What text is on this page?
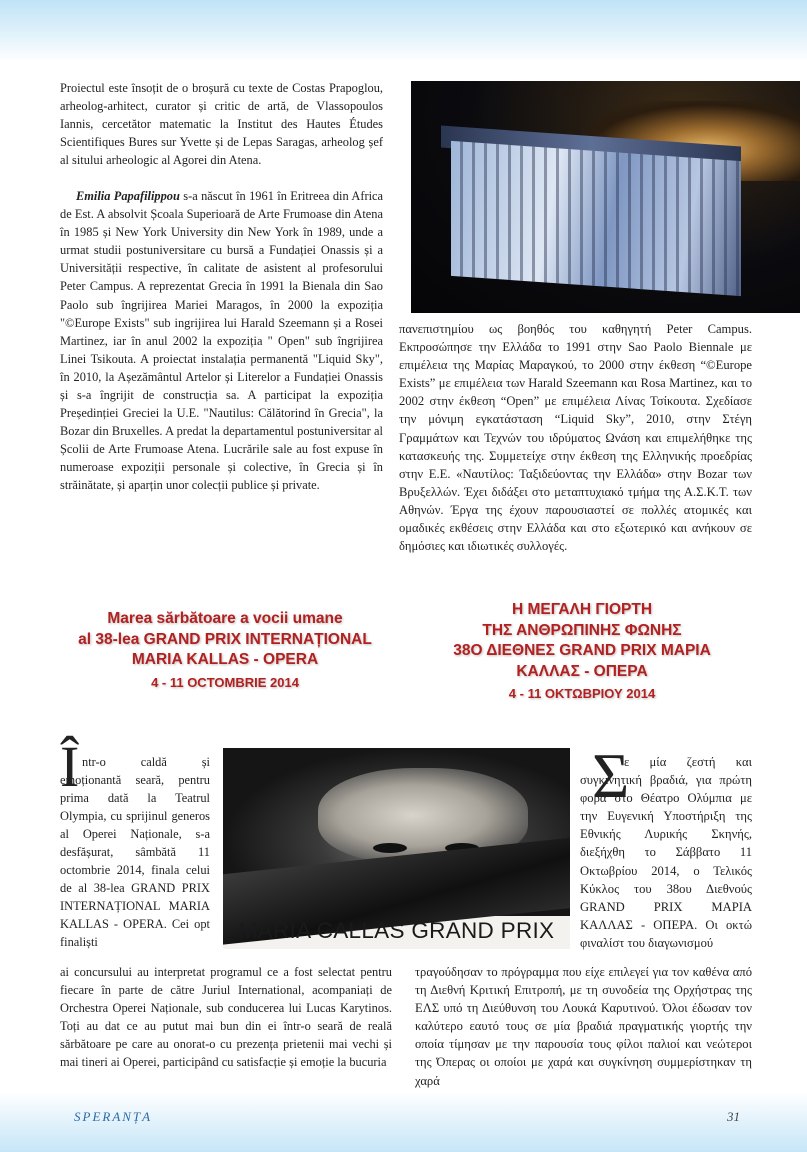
Proiectul este însoțit de o broșură cu texte de Costas Prapoglou, arheolog-arhitect, curator și critic de artă, de Vlassopoulos Iannis, cercetător matematic la Institut des Hautes Études Scientifiques Bures sur Yvette și de Lepas Saragas, arheolog șef al sitului arheologic al Agorei din Atena.

Emilia Papafilippou s-a născut în 1961 în Eritreea din Africa de Est. A absolvit Școala Superioară de Arte Frumoase din Atena în 1985 și New York University din New York în 1989, unde a urmat studii postuniversitare cu bursă a Fundației Onassis și a Universității respective, în calitate de asistent al profesorului Peter Campus. A reprezentat Grecia în 1991 la Bienala din Sao Paolo sub îngrijirea Mariei Maragos, în 2000 la expoziția "©Europe Exists" sub ingrijirea lui Harald Szeemann și a Rosei Martinez, iar în anul 2002 la expoziția " Open" sub îngrijirea Linei Tsikouta. A proiectat instalația permanentă "Liquid Sky", în 2010, la Așezământul Artelor și Literelor a Fundației Onassis și s-a îngrijit de construcția sa. A participat la expoziția Președinției Greciei la U.E. "Nautilus: Călătorind în Grecia", la Bozar din Bruxelles. A predat la departamentul postuniversitar al Școlii de Arte Frumoase Atena. Lucrările sale au fost expuse în numeroase expoziții personale și colective, în Grecia și în străinătate, și aparțin unor colecții publice și private.

πανεπιστημίου ως βοηθός του καθηγητή Peter Campus. Εκπροσώπησε την Ελλάδα το 1991 στην Sao Paolo Biennale με επιμέλεια της Μαρίας Μαραγκού, το 2000 στην έκθεση “©Europe Exists” με επιμέλεια των Harald Szeemann και Rosa Martinez, και το 2002 στην έκθεση “Open” με επιμέλεια Λίνας Τσίκουτα. Σχεδίασε την μόνιμη εγκατάσταση “Liquid Sky”, 2010, στην Στέγη Γραμμάτων και Τεχνών του ιδρύματος Ωνάση και επιμελήθηκε της κατασκευής της. Συμμετείχε στην έκθεση της Ελληνικής προεδρίας στην Ε.Ε. «Ναυτίλος: Ταξιδεύοντας την Ελλάδα» στην Bozar των Βρυξελλών. Έχει διδάξει στο μεταπτυχιακό τμήμα της Α.Σ.Κ.Τ. των Αθηνών. Έργα της έχουν παρουσιαστεί σε πολλές ατομικές και ομαδικές εκθέσεις στην Ελλάδα και στο εξωτερικό και ανήκουν σε δημόσιες και ιδιωτικές συλλογές.
Marea sărbătoare a vocii umane
al 38-lea GRAND PRIX INTERNAȚIONAL
MARIA KALLAS - OPERA
4 - 11 OCTOMBRIE 2014
Η ΜΕΓΑΛΗ ΓΙΟΡΤΗ
ΤΗΣ ΑΝΘΡΩΠΙΝΗΣ ΦΩΝΗΣ
38Ο ΔΙΕΘΝΕΣ GRAND PRIX ΜΑΡΙΑ
ΚΑΛΛΑΣ - ΟΠΕΡΑ
4 - 11 ΟΚΤΩΒΡΙΟΥ 2014
MARIA CALLAS GRAND PRIX
Î ntr-o caldă și emoționantă seară, pentru prima dată la Teatrul Olympia, cu sprijinul generos al Operei Naționale, s-a desfășurat, sâmbătă 11 octombrie 2014, finala celui de al 38-lea GRAND PRIX INTERNAȚIONAL MARIA KALLAS - OPERA. Cei opt finaliști
ai concursului au interpretat programul ce a fost selectat pentru fiecare în parte de către Juriul International, acompaniați de Orchestra Operei Naționale, sub conducerea lui Lucas Karytinos. Toți au dat ce au putut mai bun din ei într-o seară de reală sărbătoare pe care au onorat-o cu prezența prietenii mai vechi și mai tineri ai Operei, participând cu satisfacție și emoție la bucuria
Σ
ε μία ζεστή και συγκινητική βραδιά, για πρώτη φορά στο Θέατρο Ολύμπια με την Ευγενική Υποστήριξη της Εθνικής Λυρικής Σκηνής, διεξήχθη το Σάββατο 11 Οκτωβρίου 2014, ο Τελικός Κύκλος του 38ου Διεθνούς GRAND PRIX ΜΑΡΙΑ ΚΑΛΛΑΣ - ΟΠΕΡΑ. Οι οκτώ φιναλίστ του διαγωνισμού
τραγούδησαν το πρόγραμμα που είχε επιλεγεί για τον καθένα από τη Διεθνή Κριτική Επιτροπή, με τη συνοδεία της Ορχήστρας της ΕΛΣ υπό τη Διεύθυνση του Λουκά Καρυτινού. Όλοι έδωσαν τον καλύτερο εαυτό τους σε μία βραδιά πραγματικής γιορτής την οποία τίμησαν με την παρουσία τους φίλοι παλιοί και νεώτεροι της Όπερας οι οποίοι με χαρά και συγκίνηση συμμερίστηκαν τη χαρά
SPERANȚA	31
